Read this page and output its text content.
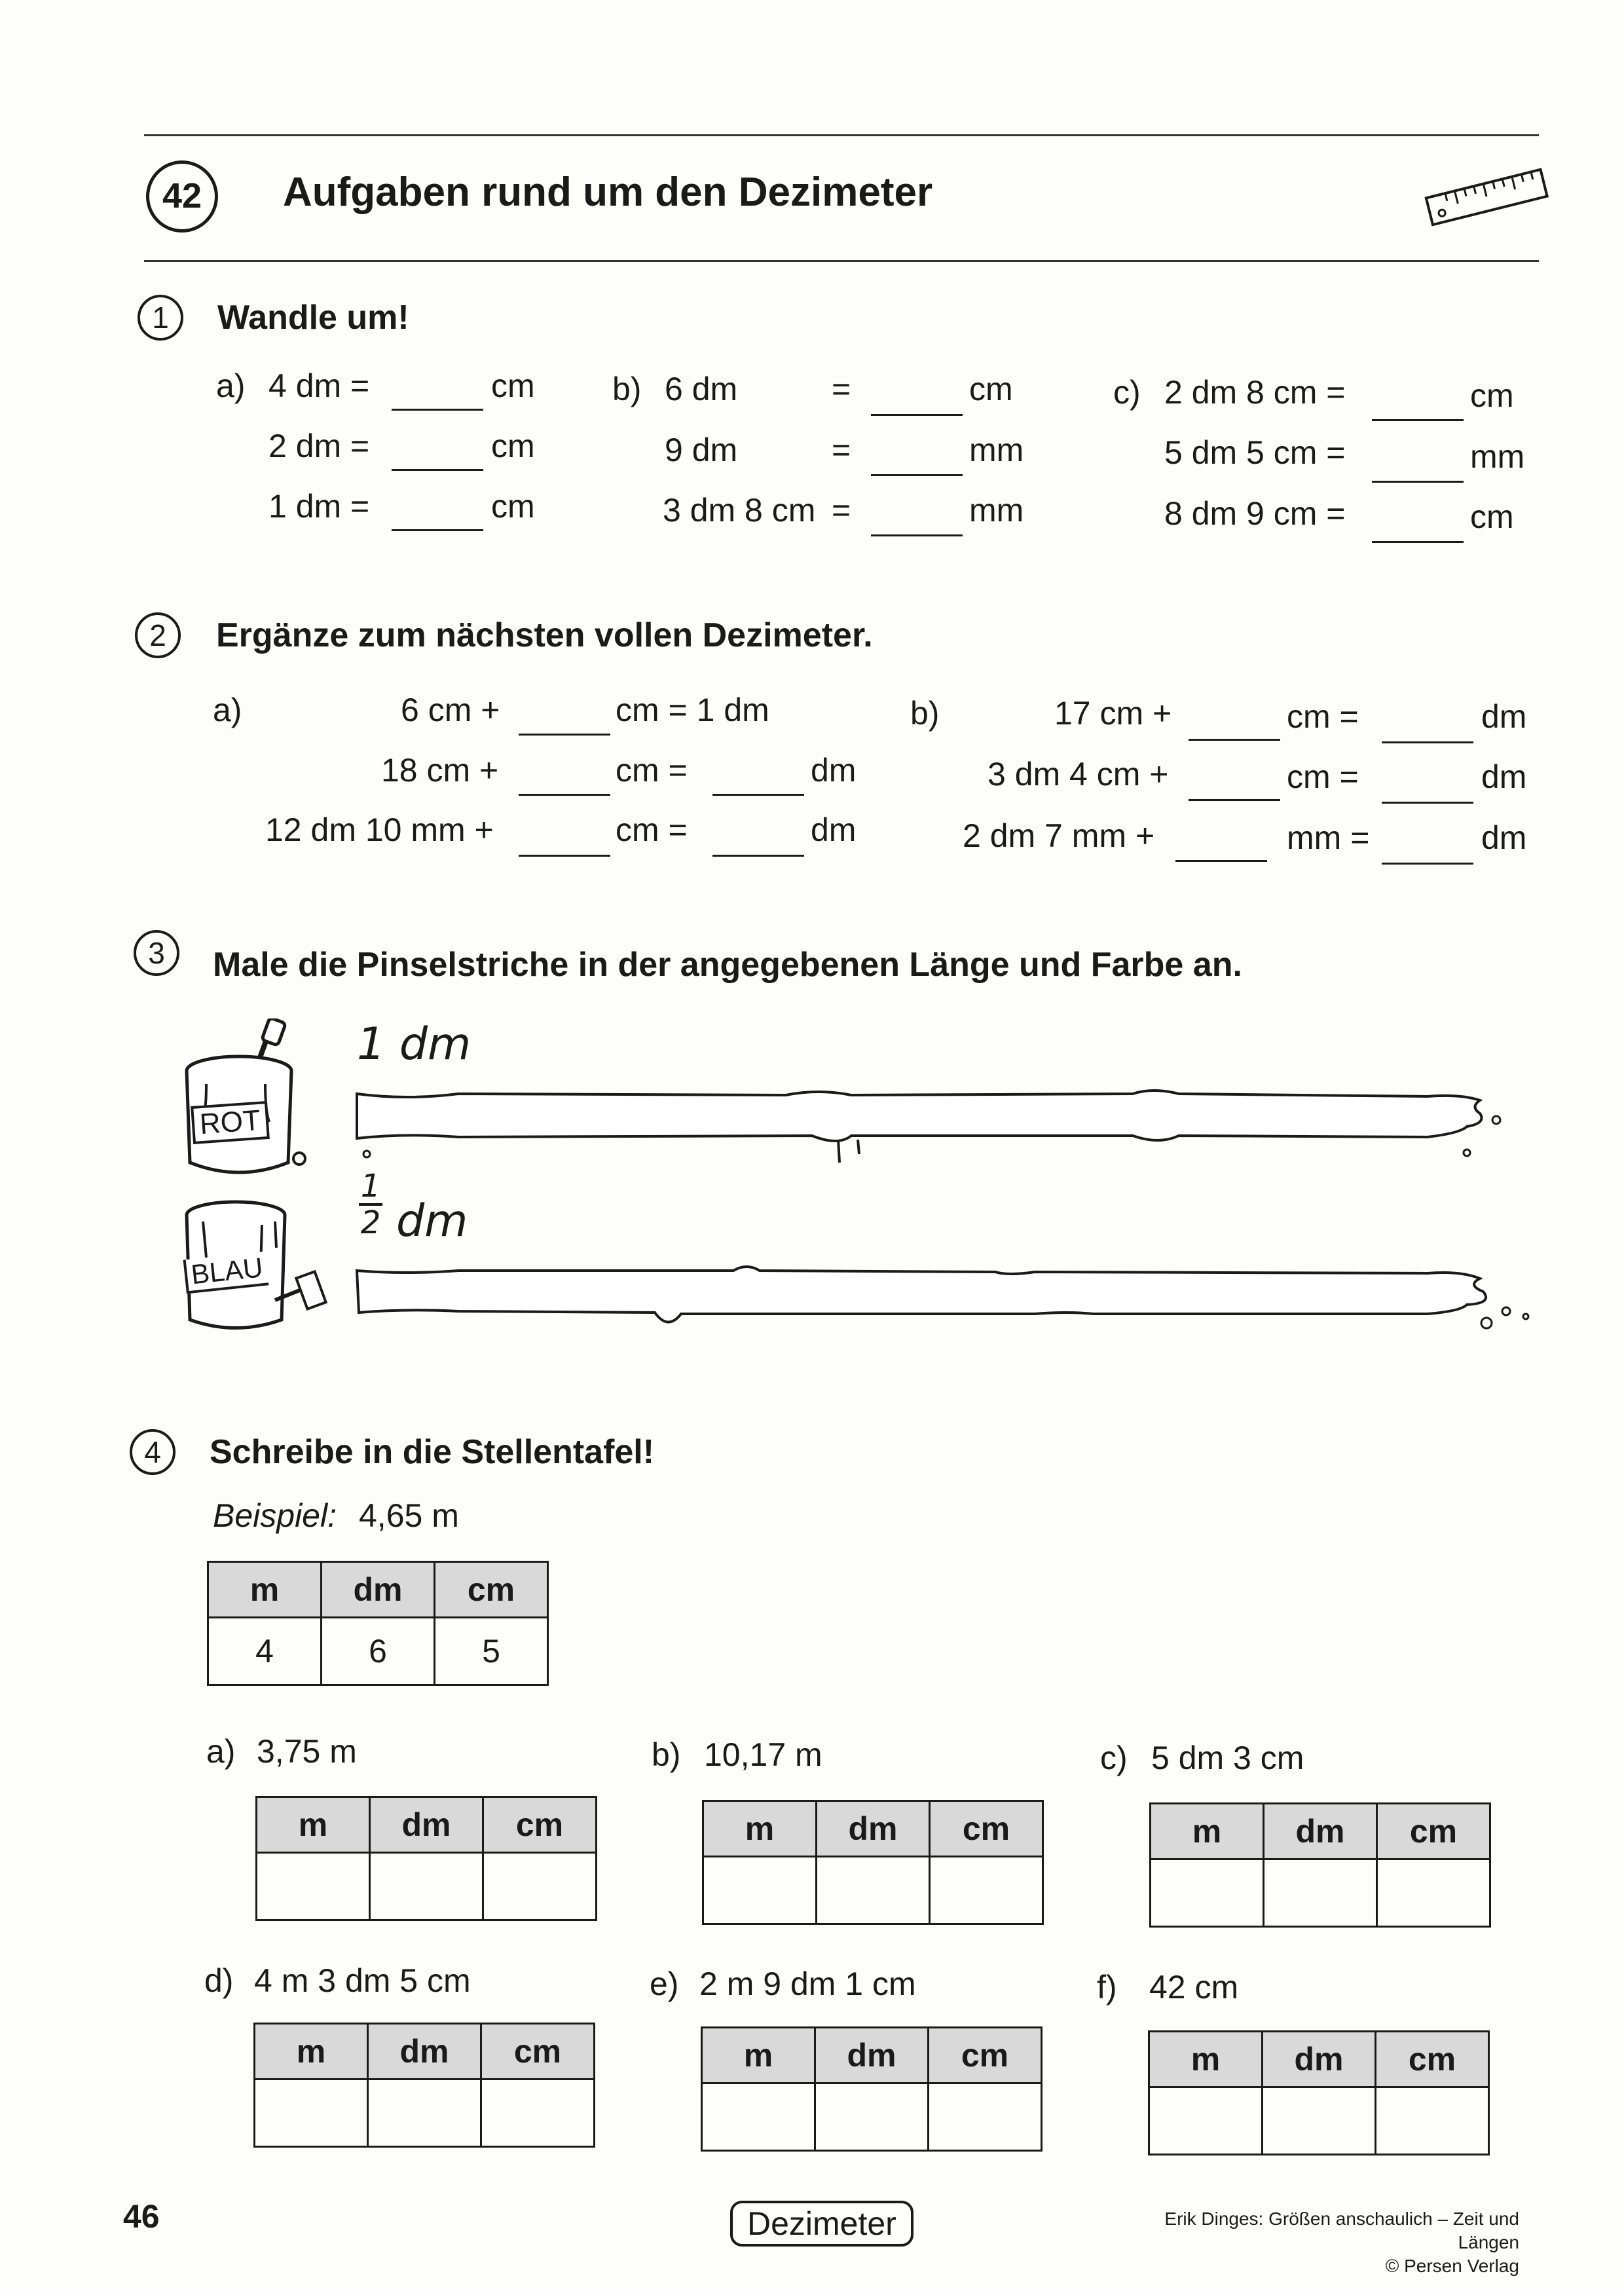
42	Aufgaben rund um den Dezimeter
1	Wandle um!
a) 4 dm =	cm
2 dm =	cm
1 dm =	cm
b) 6 dm	=	cm
9 dm	=	mm
3 dm 8 cm =	mm
c) 2 dm 8 cm =	cm
5 dm 5 cm =	mm
8 dm 9 cm =	cm
2	Ergänze zum nächsten vollen Dezimeter.
a)	6 cm +	cm = 1 dm
18 cm +	cm =	dm
12 dm 10 mm +	cm =	dm
b)	17 cm +	cm =	dm
3 dm 4 cm +	cm =	dm
2 dm 7 mm +	mm =	dm
3	Male die Pinselstriche in der angegebenen Länge und Farbe an.
ROT
1 dm
BLAU
$\frac{1}{2}$ dm
4	Schreibe in die Stellentafel!
Beispiel: 4,65 m
m	dm	cm
4	6	5
a) 3,75 m
m	dm	cm

b) 10,17 m
m	dm	cm

c) 5 dm 3 cm
m	dm	cm

d) 4 m 3 dm 5 cm
m	dm	cm

e) 2 m 9 dm 1 cm
m	dm	cm

f) 42 cm
m	dm	cm

46	Dezimeter	Erik Dinges: Größen anschaulich – Zeit und Längen
© Persen Verlag
